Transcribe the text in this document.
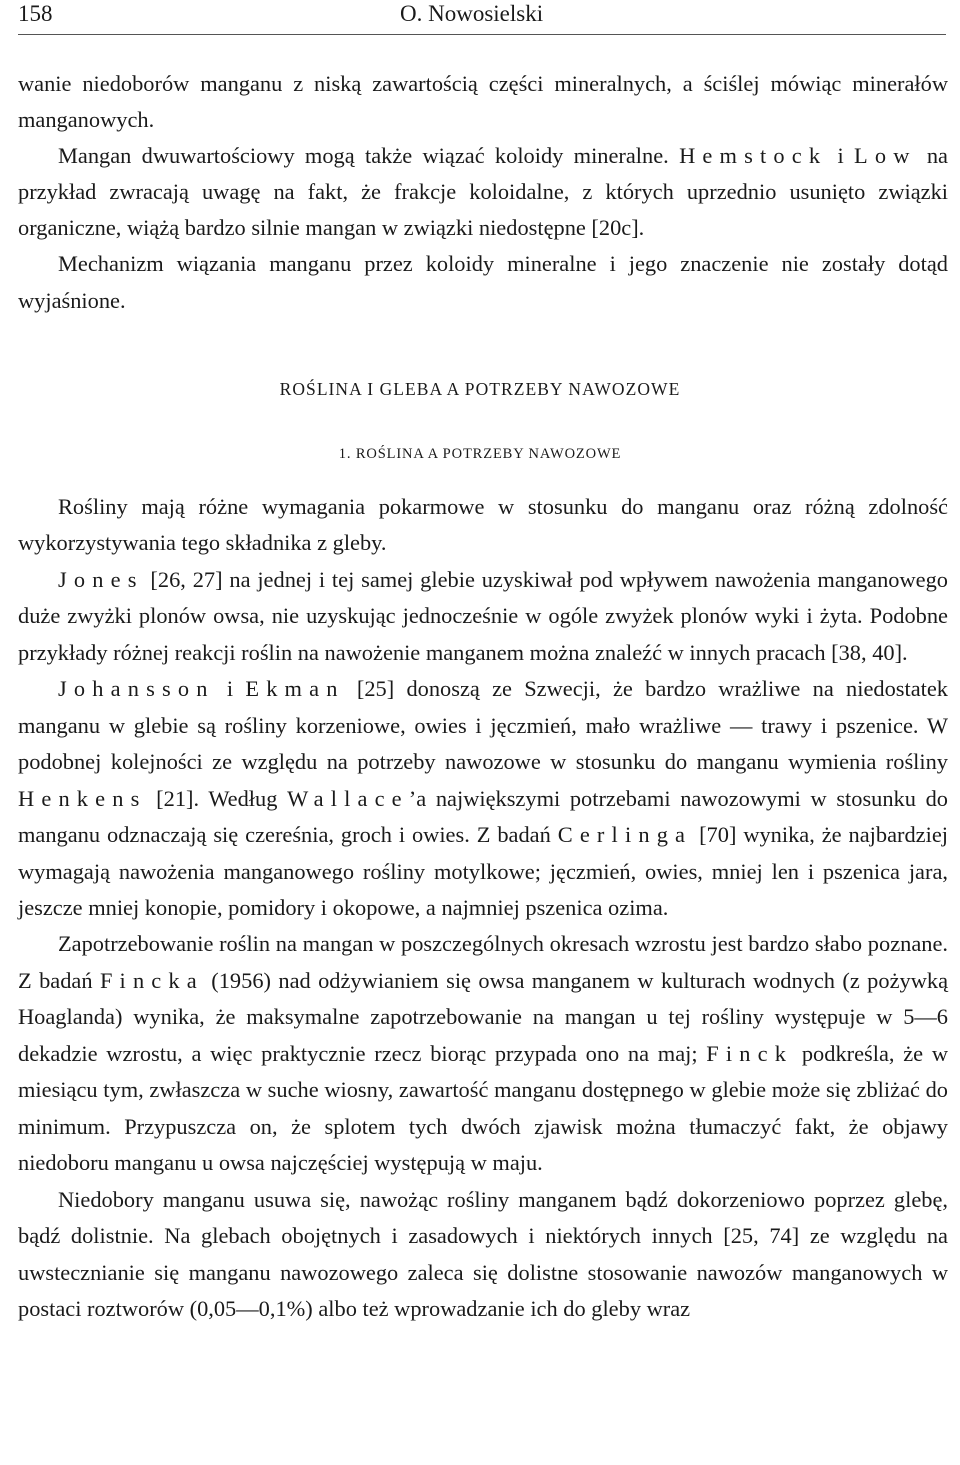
158	O. Nowosielski

wanie niedoborów manganu z niską zawartością części mineralnych, a ściślej mówiąc minerałów manganowych.

Mangan dwuwartościowy mogą także wiązać koloidy mineralne. Hemstock i Low na przykład zwracają uwagę na fakt, że frakcje koloidalne, z których uprzednio usunięto związki organiczne, wiążą bardzo silnie mangan w związki niedostępne [20c].

Mechanizm wiązania manganu przez koloidy mineralne i jego znaczenie nie zostały dotąd wyjaśnione.

ROŚLINA I GLEBA A POTRZEBY NAWOZOWE
1. ROŚLINA A POTRZEBY NAWOZOWE

Rośliny mają różne wymagania pokarmowe w stosunku do manganu oraz różną zdolność wykorzystywania tego składnika z gleby.

Jones [26, 27] na jednej i tej samej glebie uzyskiwał pod wpływem nawożenia manganowego duże zwyżki plonów owsa, nie uzyskując jednocześnie w ogóle zwyżek plonów wyki i żyta. Podobne przykłady różnej reakcji roślin na nawożenie manganem można znaleźć w innych pracach [38, 40].

Johansson i Ekman [25] donoszą ze Szwecji, że bardzo wrażliwe na niedostatek manganu w glebie są rośliny korzeniowe, owies i jęczmień, mało wrażliwe — trawy i pszenice. W podobnej kolejności ze względu na potrzeby nawozowe w stosunku do manganu wymienia rośliny Henkens [21]. Według Wallace’a największymi potrzebami nawozowymi w stosunku do manganu odznaczają się czereśnia, groch i owies. Z badań Cerlinga [70] wynika, że najbardziej wymagają nawożenia manganowego rośliny motylkowe; jęczmień, owies, mniej len i pszenica jara, jeszcze mniej konopie, pomidory i okopowe, a najmniej pszenica ozima.

Zapotrzebowanie roślin na mangan w poszczególnych okresach wzrostu jest bardzo słabo poznane. Z badań Fincka (1956) nad odżywianiem się owsa manganem w kulturach wodnych (z pożywką Hoaglanda) wynika, że maksymalne zapotrzebowanie na mangan u tej rośliny występuje w 5—6 dekadzie wzrostu, a więc praktycznie rzecz biorąc przypada ono na maj; Finck podkreśla, że w miesiącu tym, zwłaszcza w suche wiosny, zawartość manganu dostępnego w glebie może się zbliżać do minimum. Przypuszcza on, że splotem tych dwóch zjawisk można tłumaczyć fakt, że objawy niedoboru manganu u owsa najczęściej występują w maju.

Niedobory manganu usuwa się, nawożąc rośliny manganem bądź dokorzeniowo poprzez glebę, bądź dolistnie. Na glebach obojętnych i zasadowych i niektórych innych [25, 74] ze względu na uwstecznianie się manganu nawozowego zaleca się dolistne stosowanie nawozów manganowych w postaci roztworów (0,05—0,1%) albo też wprowadzanie ich do gleby wraz
